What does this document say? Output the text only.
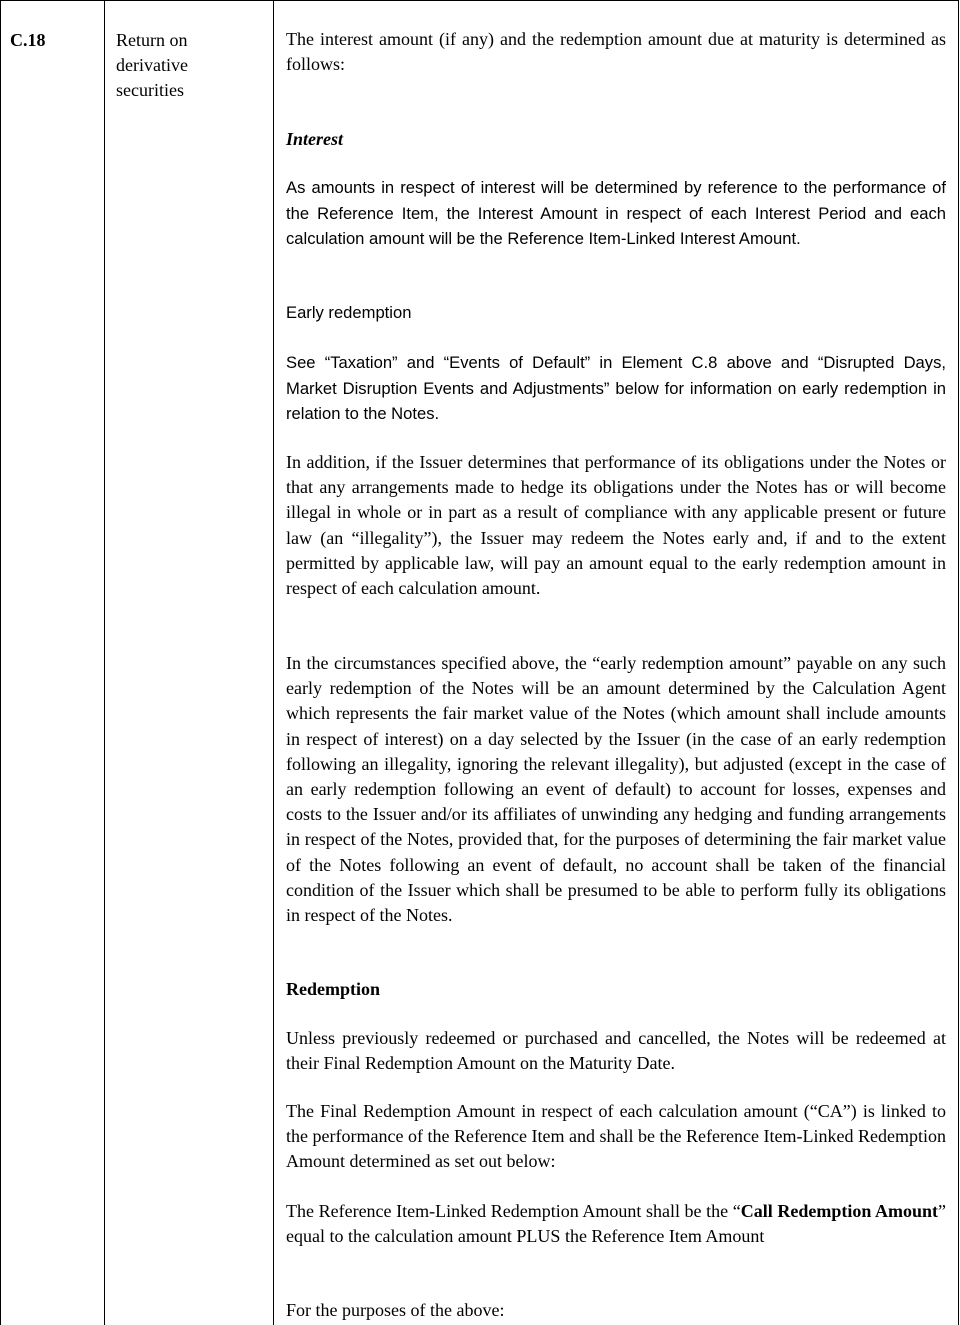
C.18	Return on
derivative
securities

The interest amount (if any) and the redemption amount due at maturity is determined as follows:

Interest

As amounts in respect of interest will be determined by reference to the performance of the Reference Item, the Interest Amount in respect of each Interest Period and each calculation amount will be the Reference Item-Linked Interest Amount.

Early redemption

See “Taxation” and “Events of Default” in Element C.8 above and “Disrupted Days, Market Disruption Events and Adjustments” below for information on early redemption in relation to the Notes.

In addition, if the Issuer determines that performance of its obligations under the Notes or that any arrangements made to hedge its obligations under the Notes has or will become illegal in whole or in part as a result of compliance with any applicable present or future law (an “illegality”), the Issuer may redeem the Notes early and, if and to the extent permitted by applicable law, will pay an amount equal to the early redemption amount in respect of each calculation amount.

In the circumstances specified above, the “early redemption amount” payable on any such early redemption of the Notes will be an amount determined by the Calculation Agent which represents the fair market value of the Notes (which amount shall include amounts in respect of interest) on a day selected by the Issuer (in the case of an early redemption following an illegality, ignoring the relevant illegality), but adjusted (except in the case of an early redemption following an event of default) to account for losses, expenses and costs to the Issuer and/or its affiliates of unwinding any hedging and funding arrangements in respect of the Notes, provided that, for the purposes of determining the fair market value of the Notes following an event of default, no account shall be taken of the financial condition of the Issuer which shall be presumed to be able to perform fully its obligations in respect of the Notes.

Redemption

Unless previously redeemed or purchased and cancelled, the Notes will be redeemed at their Final Redemption Amount on the Maturity Date.

The Final Redemption Amount in respect of each calculation amount (“CA”) is linked to the performance of the Reference Item and shall be the Reference Item-Linked Redemption Amount determined as set out below:

The Reference Item-Linked Redemption Amount shall be the “Call Redemption Amount” equal to the calculation amount PLUS the Reference Item Amount

For the purposes of the above:
